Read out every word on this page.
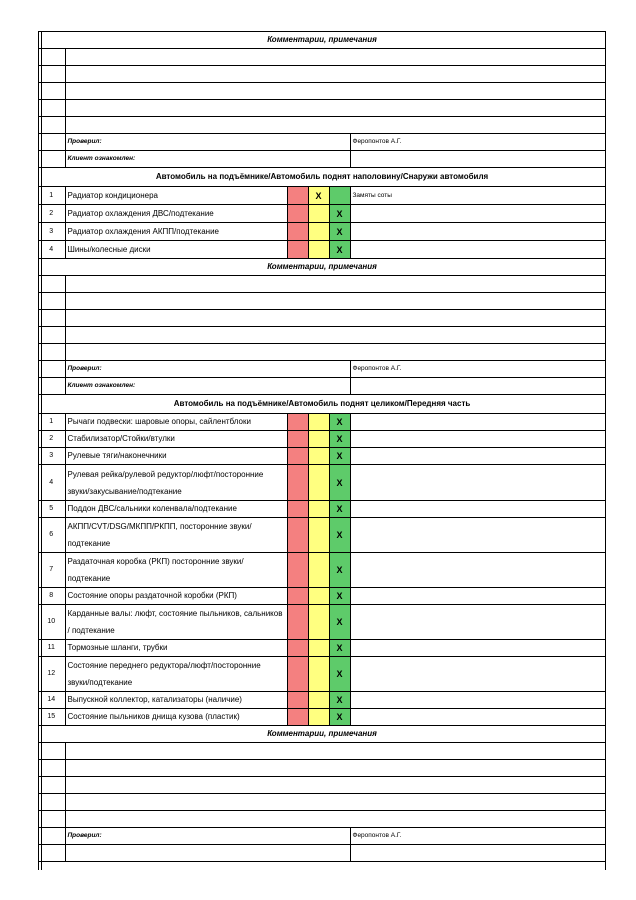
Комментарии, примечания					

	Проверил:				Феропонтов А.Г.
	Клиент ознакомлен:				
Автомобиль на подъёмнике/Автомобиль поднят наполовину/Снаружи автомобиля					
1	Радиатор кондиционера		X		Замяты соты
2	Радиатор охлаждения ДВС/подтекание			X	
3	Радиатор охлаждения АКПП/подтекание			X	
4	Шины/колесные диски			X	
Комментарии, примечания					

	Проверил:				Феропонтов А.Г.
	Клиент ознакомлен:				
Автомобиль на подъёмнике/Автомобиль поднят целиком/Передняя часть					
1	Рычаги подвески: шаровые опоры, сайлентблоки			X	
2	Стабилизатор/Стойки/втулки			X	
3	Рулевые тяги/наконечники			X	
4	Рулевая рейка/рулевой редуктор/люфт/посторонние звуки/закусывание/подтекание			X	
5	Поддон ДВС/сальники коленвала/подтекание			X	
6	АКПП/CVT/DSG/МКПП/РКПП, посторонние звуки/ подтекание			X	
7	Раздаточная коробка (РКП) посторонние звуки/ подтекание			X	
8	Состояние опоры раздаточной коробки (РКП)			X	
10	Карданные валы: люфт, состояние пыльников, сальников / подтекание			X	
11	Тормозные шланги, трубки			X	
12	Состояние переднего редуктора/люфт/посторонние звуки/подтекание			X	
14	Выпускной коллектор, катализаторы (наличие)			X	
15	Состояние пыльников днища кузова (пластик)			X	
Комментарии, примечания					

	Проверил:				Феропонтов А.Г.
